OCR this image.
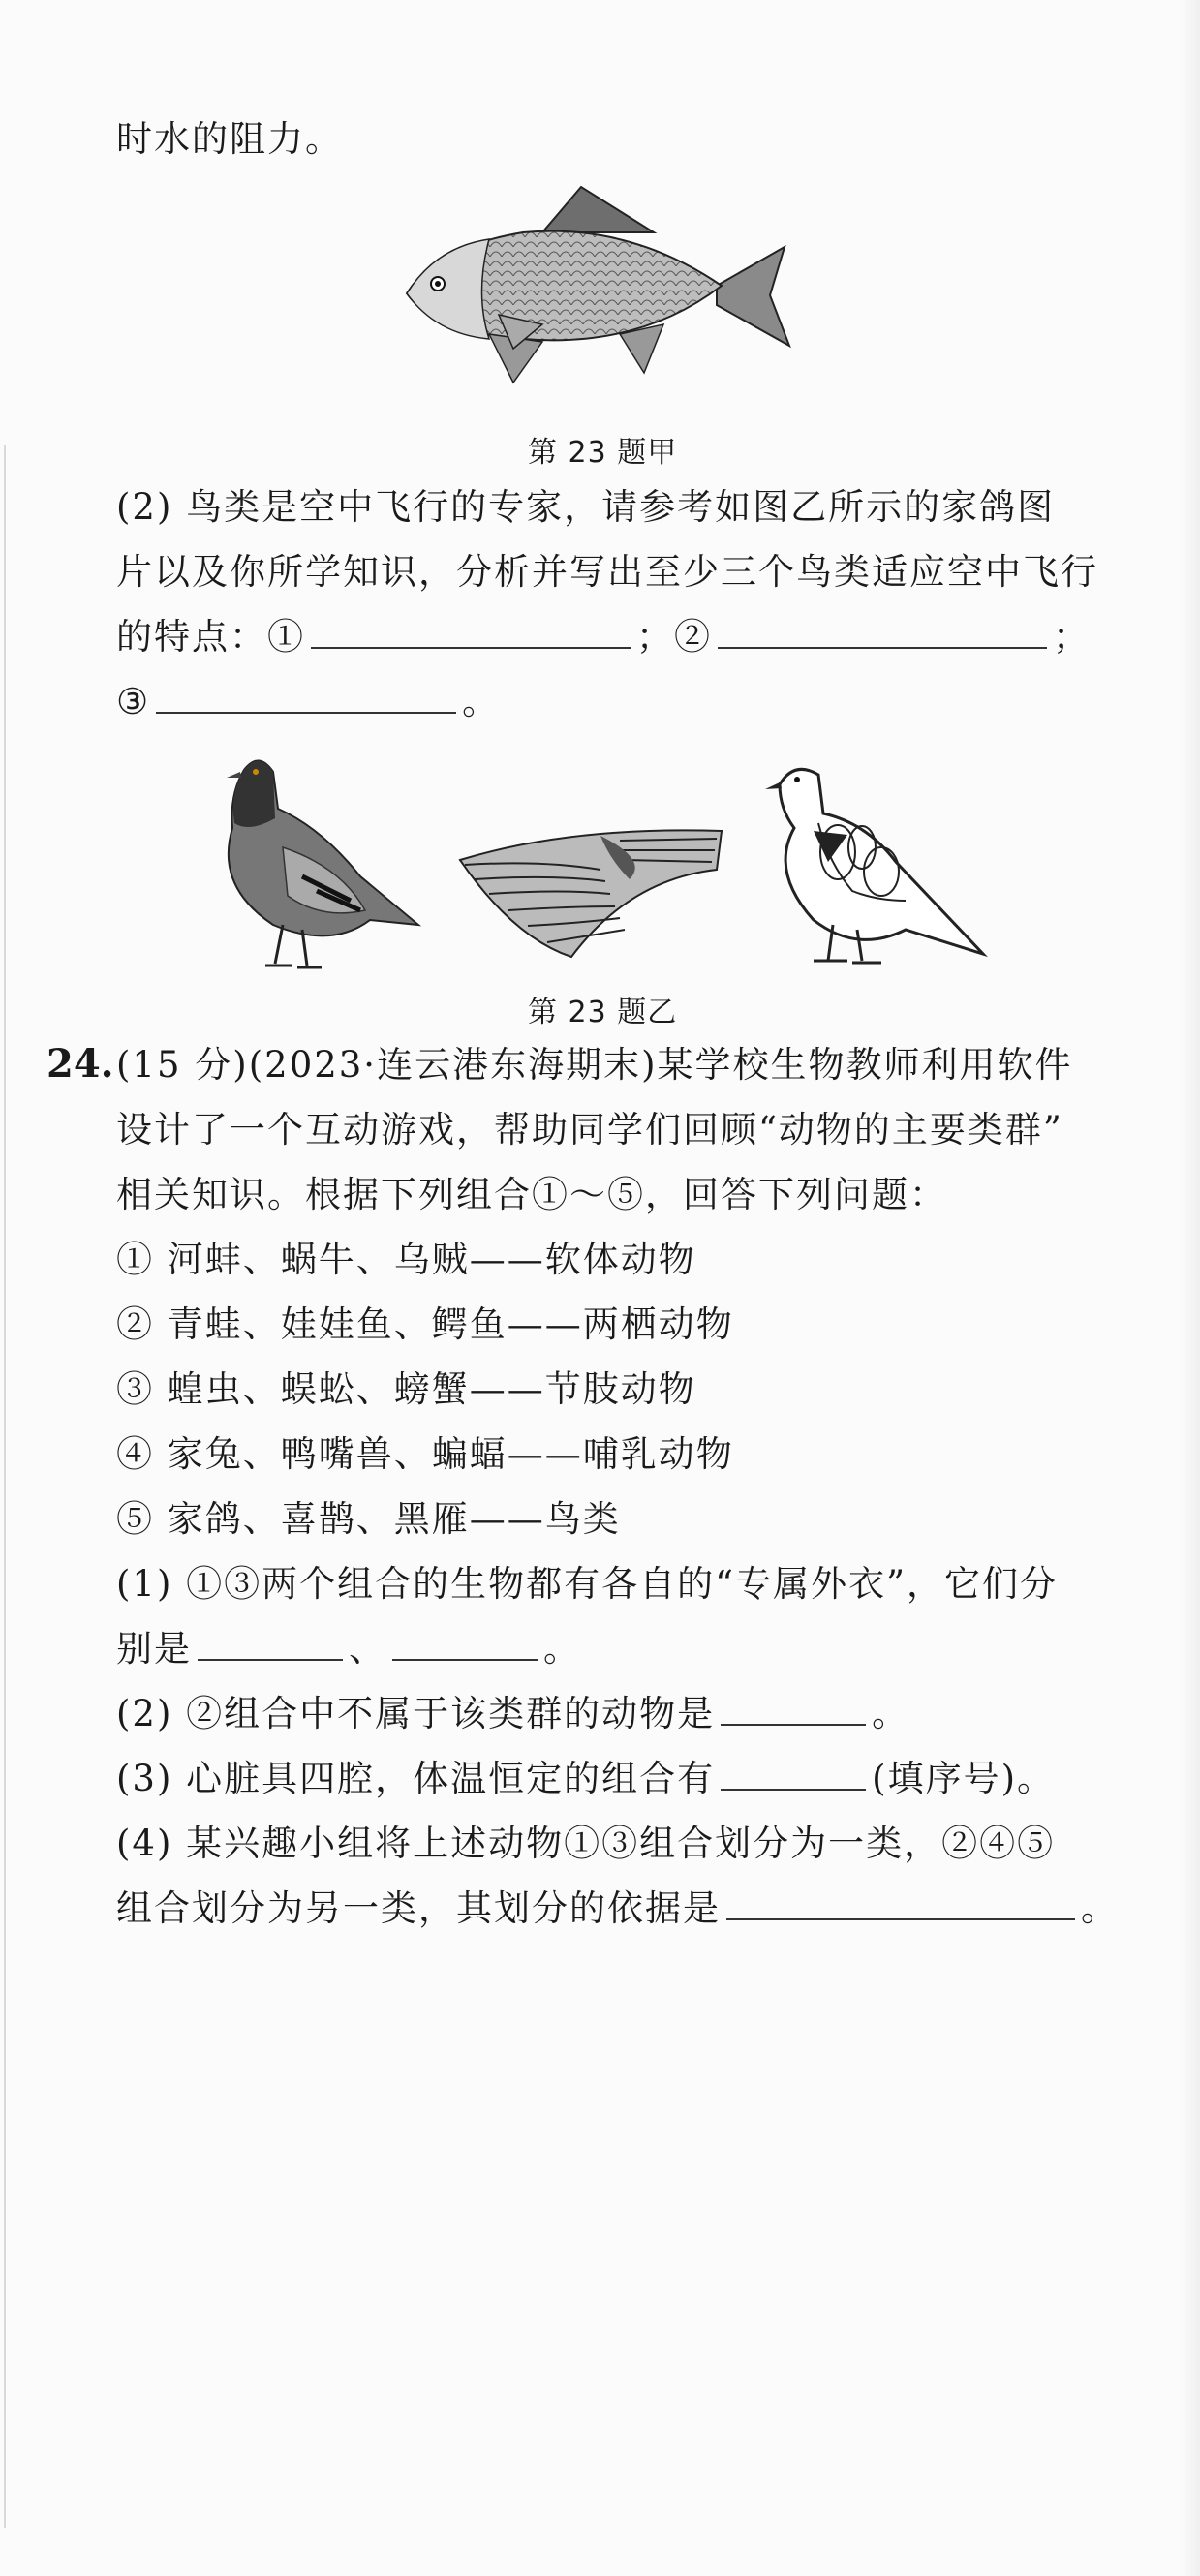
时水的阻力。
第 23 题甲
(2) 鸟类是空中飞行的专家，请参考如图乙所示的家鸽图
片以及你所学知识，分析并写出至少三个鸟类适应空中飞行
的特点：①	；②	；
③	。
第 23 题乙
24. (15 分)(2023·连云港东海期末)某学校生物教师利用软件
设计了一个互动游戏，帮助同学们回顾“动物的主要类群”
相关知识。根据下列组合①～⑤，回答下列问题：
① 河蚌、蜗牛、乌贼——软体动物
② 青蛙、娃娃鱼、鳄鱼——两栖动物
③ 蝗虫、蜈蚣、螃蟹——节肢动物
④ 家兔、鸭嘴兽、蝙蝠——哺乳动物
⑤ 家鸽、喜鹊、黑雁——鸟类
(1) ①③两个组合的生物都有各自的“专属外衣”，它们分
别是	、	。
(2) ②组合中不属于该类群的动物是	。
(3) 心脏具四腔，体温恒定的组合有	(填序号)。
(4) 某兴趣小组将上述动物①③组合划分为一类，②④⑤
组合划分为另一类，其划分的依据是	。
